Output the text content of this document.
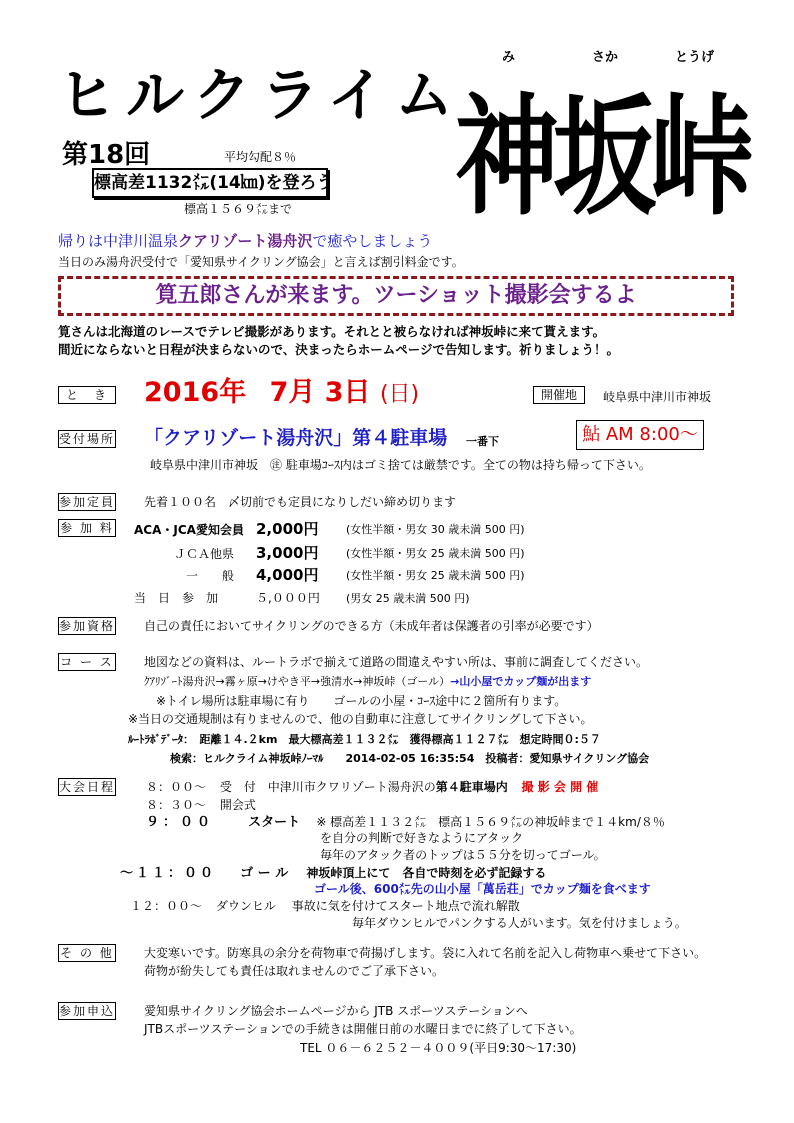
ヒルクライム
み	さか	とうげ
神坂峠
第18回	平均勾配８％
標高差1132㍍(14㎞)を登ろう
標高１５６９㍍まで
帰りは中津川温泉クアリゾート湯舟沢で癒やしましょう
当日のみ湯舟沢受付で「愛知県サイクリング協会」と言えば割引料金です。
筧五郎さんが来ます。ツーショット撮影会するよ
筧さんは北海道のレースでテレビ撮影があります。それとと被らなければ神坂峠に来て貰えます。
間近にならないと日程が決まらないので、決まったらホームページで告知します。祈りましょう！。
と　き 2016年 7月 3日 (日)	開催地	岐阜県中津川市神坂
受付場所 「クアリゾート湯舟沢」第４駐車場 一番下	鮎 AM 8:00～
岐阜県中津川市神坂　㊟ 駐車場ｺｰｽ内はゴミ捨ては厳禁です。全ての物は持ち帰って下さい。
参加定員 先着１００名　〆切前でも定員になりしだい締め切ります
参 加 料 ACA・JCA愛知会員 2,000円	(女性半額・男女 30 歳未満 500 円)
ＪＣＡ他県 3,000円	(女性半額・男女 25 歳未満 500 円)
一　　般 4,000円	(女性半額・男女 25 歳未満 500 円)
当　日　参　加	５,０００円 (男女 25 歳未満 500 円)
参加資格 自己の責任においてサイクリングのできる方（未成年者は保護者の引率が必要です）
コ ー ス	地図などの資料は、ルートラボで揃えて道路の間違えやすい所は、事前に調査してください。
ｸｱﾘｿﾞｰﾄ湯舟沢→霧ヶ原→けやき平→強清水→神坂峠（ゴール）→山小屋でカップ麺が出ます
※トイレ場所は駐車場に有り　　ゴールの小屋・ｺｰｽ途中に２箇所有ります。
※当日の交通規制は有りませんので、他の自動車に注意してサイクリングして下さい。
ﾙｰﾄﾗﾎﾞﾃﾞｰﾀ：　距離１４.２km　最大標高差１１３２㍍　獲得標高１１２７㍍　想定時間０:５７
検索：ヒルクライム神坂峠ﾉｰﾏﾙ　　2014-02-05 16:35:54　投稿者：愛知県サイクリング協会
大会日程	８：００～ 受　付 中津川市クワリゾート湯舟沢の第４駐車場内 撮 影 会 開 催
８：３０～ 開会式
９：００	スタート ※ 標高差１１３２㍍　標高１５６９㍍の神坂峠まで１４km/８％
を自分の判断で好きなようにアタック
毎年のアタック者のトップは５５分を切ってゴール。
～１１：００ ゴ ー ル 神坂峠頂上にて　各自で時刻を必ず記録する
ゴール後、600㍍先の山小屋「萬岳荘」でカップ麺を食べます
１２：００～ ダウンヒル 事故に気を付けてスタート地点で流れ解散
毎年ダウンヒルでパンクする人がいます。気を付けましょう。
そ の 他	大変寒いです。防寒具の余分を荷物車で荷揚げします。袋に入れて名前を記入し荷物車へ乗せて下さい。
荷物が紛失しても責任は取れませんのでご了承下さい。
参加申込 愛知県サイクリング協会ホームページから JTB スポーツステーションへ
JTBスポーツステーションでの手続きは開催日前の水曜日までに終了して下さい。
TEL ０６－６２５２－４００９(平日9:30～17:30)
